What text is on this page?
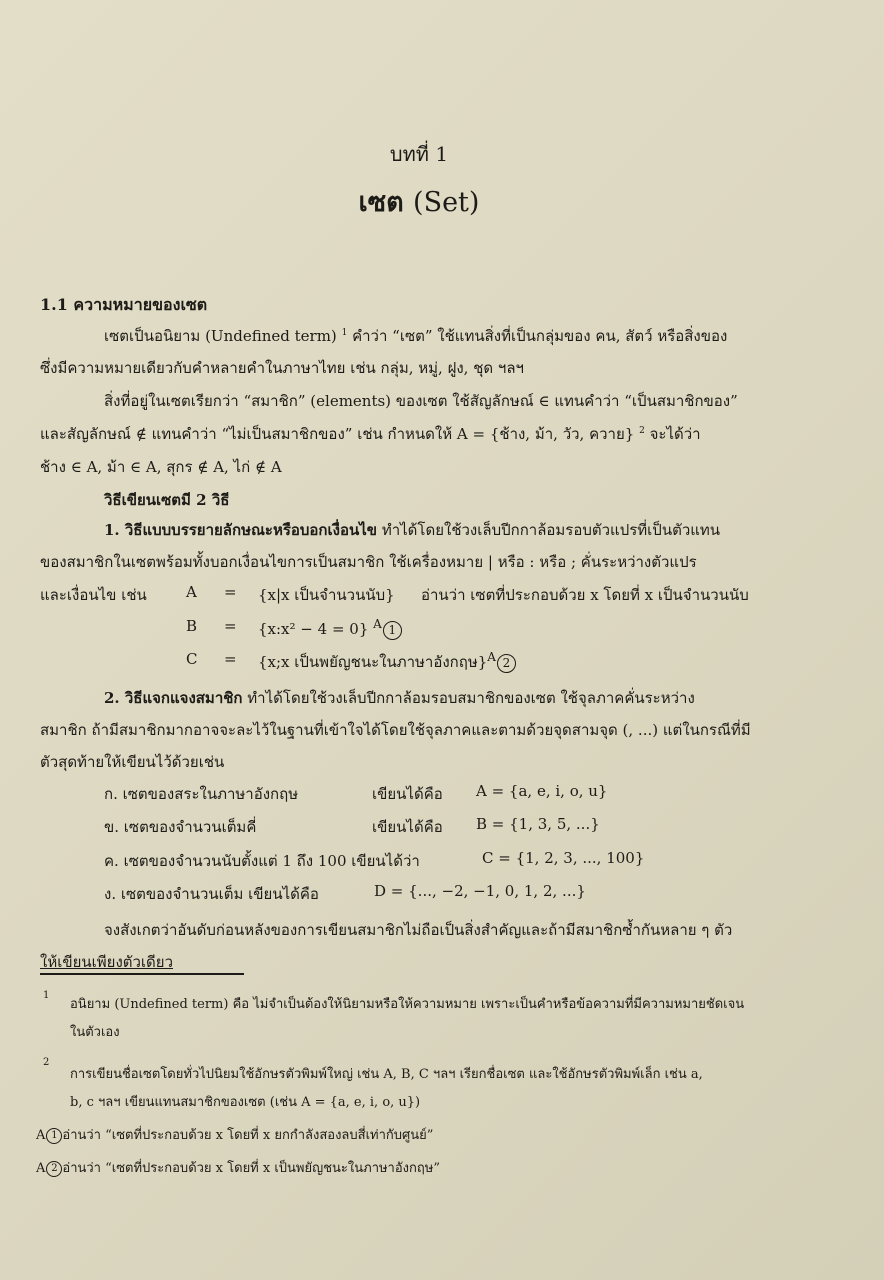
บทที่ 1
เซต (Set)
1.1 ความหมายของเซต
เซตเป็นอนิยาม (Undefined term) $^1$ คำว่า “เซต” ใช้แทนสิ่งที่เป็นกลุ่มของ คน, สัตว์ หรือสิ่งของ
ซึ่งมีความหมายเดียวกับคำหลายคำในภาษาไทย เช่น กลุ่ม, หมู่, ฝูง, ชุด ฯลฯ
สิ่งที่อยู่ในเซตเรียกว่า “สมาชิก” (elements) ของเซต ใช้สัญลักษณ์ ∈ แทนคำว่า “เป็นสมาชิกของ”
และสัญลักษณ์ ∉ แทนคำว่า “ไม่เป็นสมาชิกของ” เช่น กำหนดให้ A = {ช้าง, ม้า, วัว, ควาย} $^2$ จะได้ว่า
ช้าง ∈ A, ม้า ∈ A, สุกร ∉ A, ไก่ ∉ A
วิธีเขียนเซตมี 2 วิธี
1. วิธีแบบบรรยายลักษณะหรือบอกเงื่อนไข ทำได้โดยใช้วงเล็บปีกกาล้อมรอบตัวแปรที่เป็นตัวแทน
ของสมาชิกในเซตพร้อมทั้งบอกเงื่อนไขการเป็นสมาชิก ใช้เครื่องหมาย | หรือ : หรือ ; คั่นระหว่างตัวแปร
และเงื่อนไข เช่น	A = {x|x เป็นจำนวนนับ} อ่านว่า เซตที่ประกอบด้วย x โดยที่ x เป็นจำนวนนับ
B = {x:x² − 4 = 0} $^A$ 1
C = {x;x เป็นพยัญชนะในภาษาอังกฤษ}$^A$ 2
2. วิธีแจกแจงสมาชิก ทำได้โดยใช้วงเล็บปีกกาล้อมรอบสมาชิกของเซต ใช้จุลภาคคั่นระหว่าง
สมาชิก ถ้ามีสมาชิกมากอาจจะละไว้ในฐานที่เข้าใจได้โดยใช้จุลภาคและตามด้วยจุดสามจุด (, ...) แต่ในกรณีที่มี
ตัวสุดท้ายให้เขียนไว้ด้วยเช่น
ก. เซตของสระในภาษาอังกฤษ	เขียนได้คือ A = {a, e, i, o, u}
ข. เซตของจำนวนเต็มคี่	เขียนได้คือ B = {1, 3, 5, ...}
ค. เซตของจำนวนนับตั้งแต่ 1 ถึง 100 เขียนได้ว่า	C = {1, 2, 3, ..., 100}
ง. เซตของจำนวนเต็ม เขียนได้คือ	D = {..., −2, −1, 0, 1, 2, ...}
จงสังเกตว่าอันดับก่อนหลังของการเขียนสมาชิกไม่ถือเป็นสิ่งสำคัญและถ้ามีสมาชิกซ้ำกันหลาย ๆ ตัว
ให้เขียนเพียงตัวเดียว
1
อนิยาม (Undefined term) คือ ไม่จำเป็นต้องให้นิยามหรือให้ความหมาย เพราะเป็นคำหรือข้อความที่มีความหมายชัดเจน
ในตัวเอง
2
การเขียนชื่อเซตโดยทั่วไปนิยมใช้อักษรตัวพิมพ์ใหญ่ เช่น A, B, C ฯลฯ เรียกชื่อเซต และใช้อักษรตัวพิมพ์เล็ก เช่น a,
b, c ฯลฯ เขียนแทนสมาชิกของเซต (เช่น A = {a, e, i, o, u})
A 1 อ่านว่า “เซตที่ประกอบด้วย x โดยที่ x ยกกำลังสองลบสี่เท่ากับศูนย์”
A 2 อ่านว่า “เซตที่ประกอบด้วย x โดยที่ x เป็นพยัญชนะในภาษาอังกฤษ”
